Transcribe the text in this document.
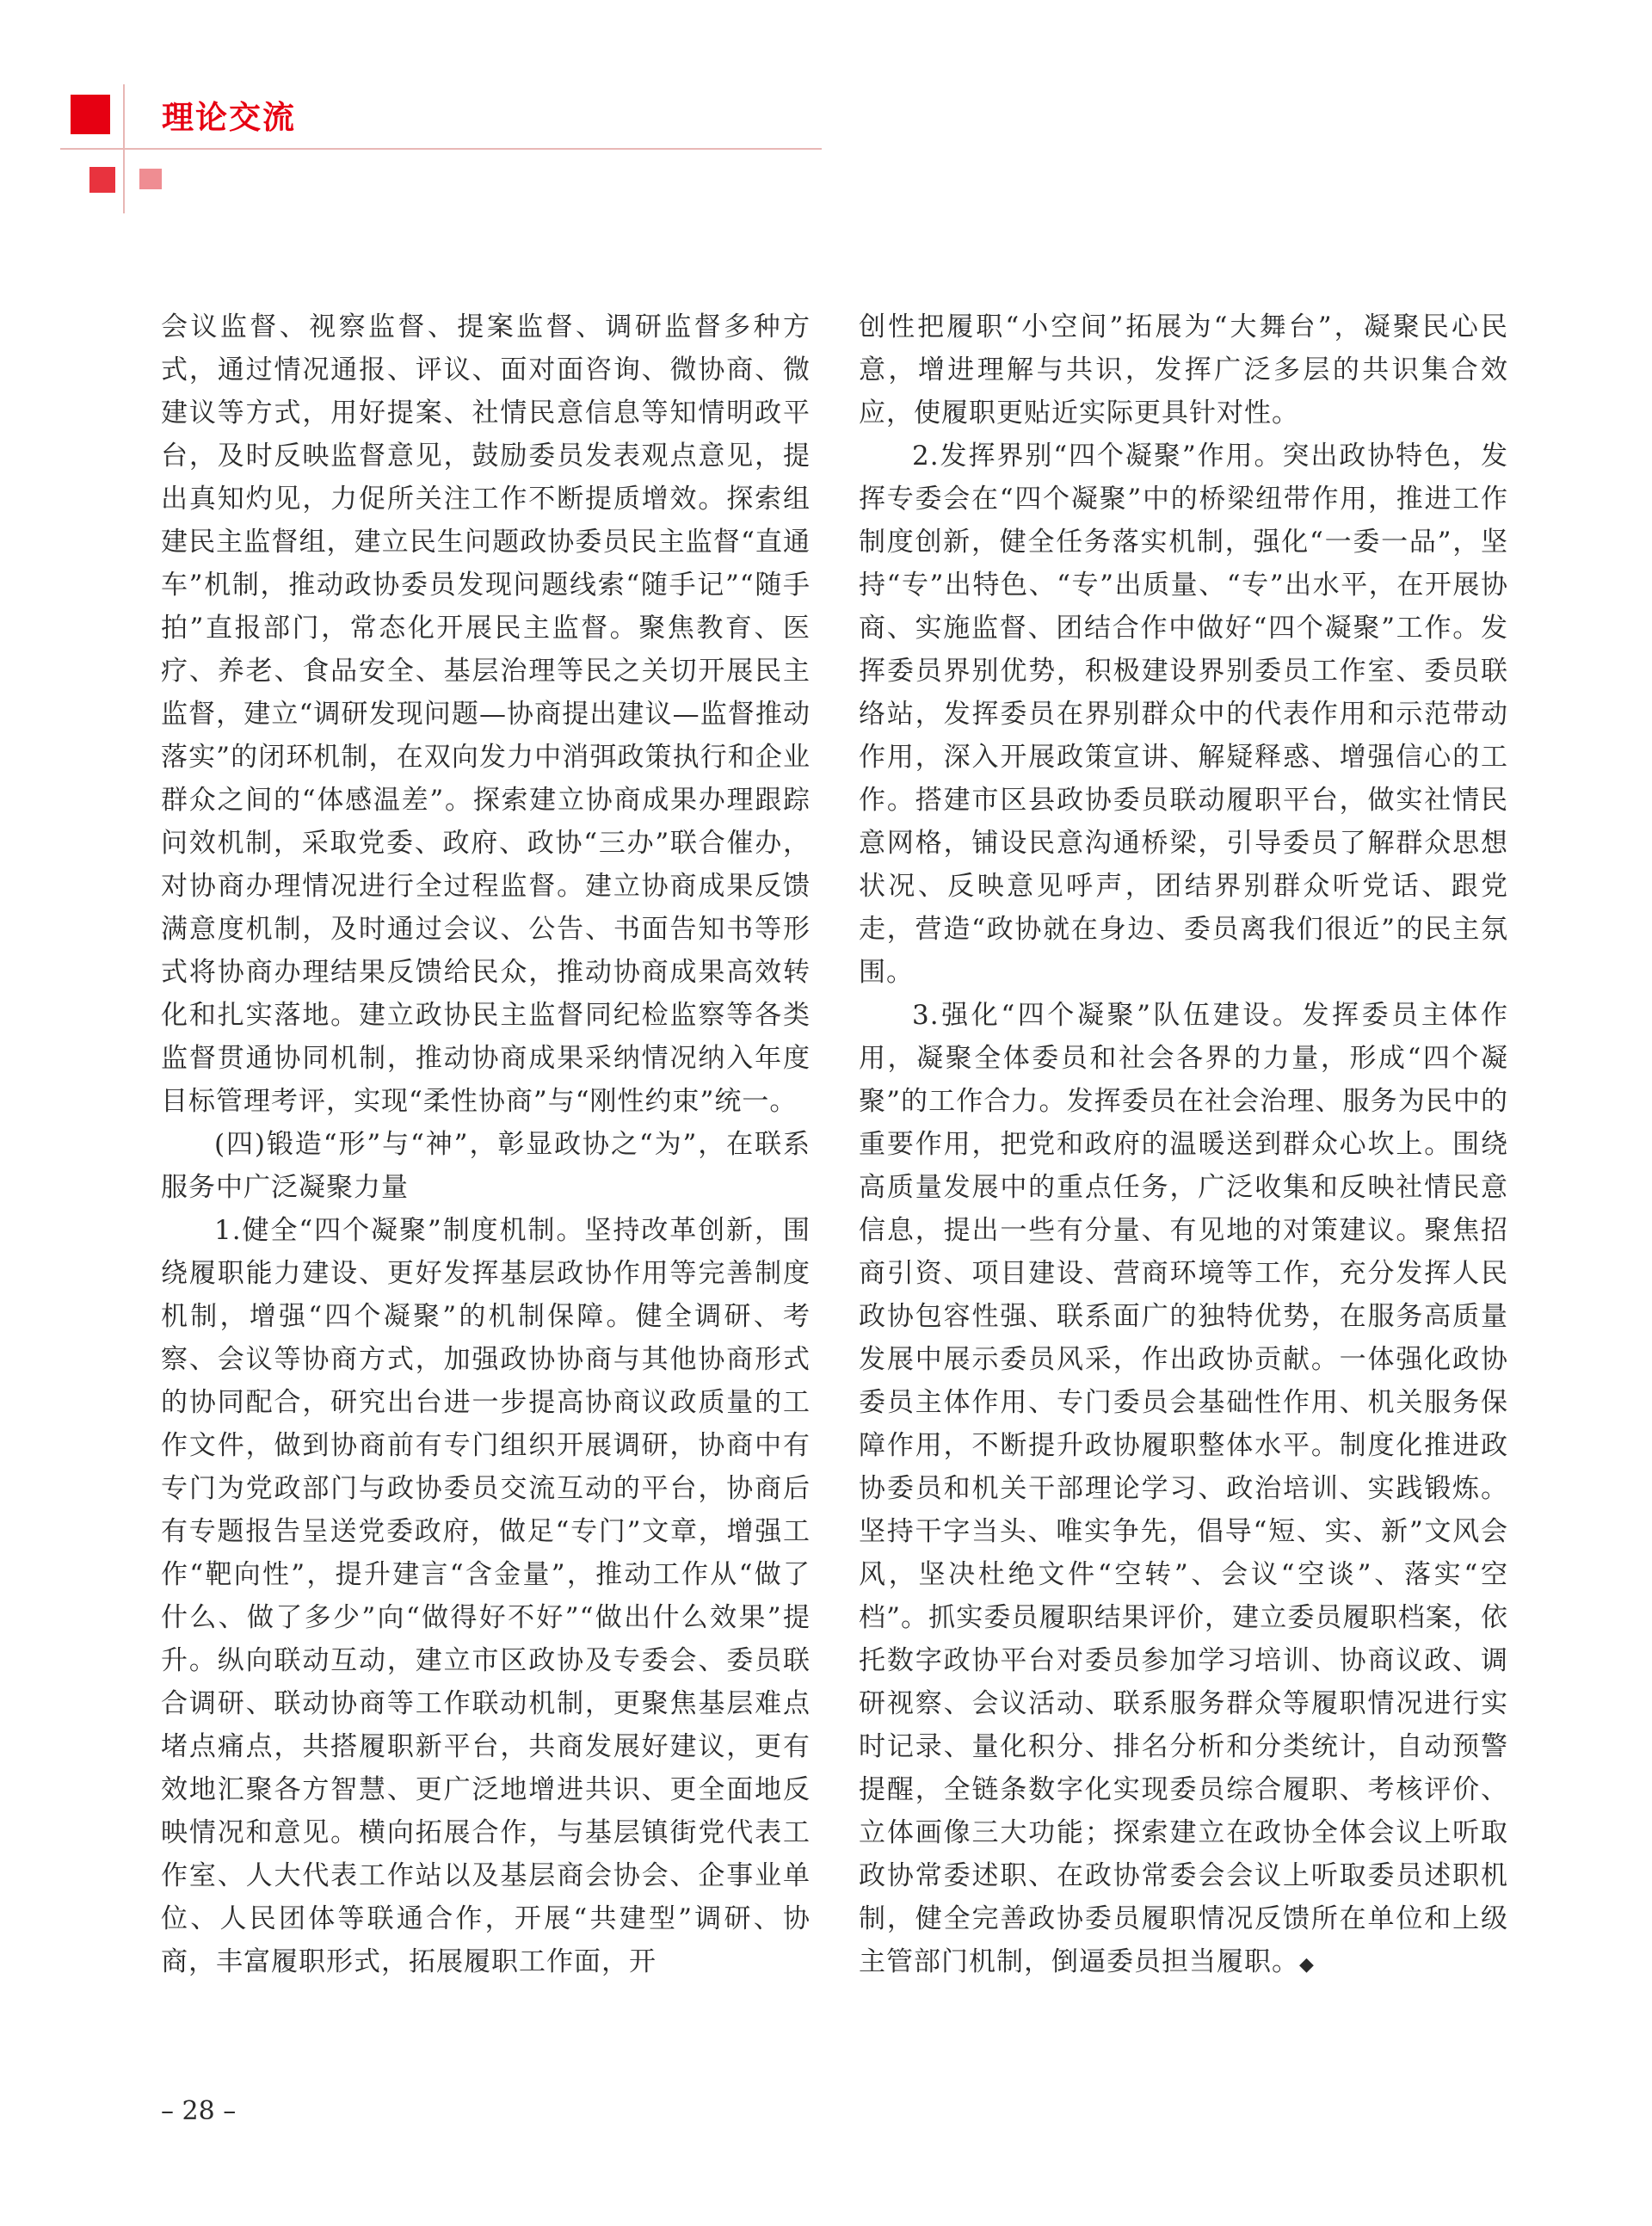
理论交流

会议监督、视察监督、提案监督、调研监督多种方式，通过情况通报、评议、面对面咨询、微协商、微建议等方式，用好提案、社情民意信息等知情明政平台，及时反映监督意见，鼓励委员发表观点意见，提出真知灼见，力促所关注工作不断提质增效。探索组建民主监督组，建立民生问题政协委员民主监督“直通车”机制，推动政协委员发现问题线索“随手记”“随手拍”直报部门，常态化开展民主监督。聚焦教育、医疗、养老、食品安全、基层治理等民之关切开展民主监督，建立“调研发现问题—协商提出建议—监督推动落实”的闭环机制，在双向发力中消弭政策执行和企业群众之间的“体感温差”。探索建立协商成果办理跟踪问效机制，采取党委、政府、政协“三办”联合催办，对协商办理情况进行全过程监督。建立协商成果反馈满意度机制，及时通过会议、公告、书面告知书等形式将协商办理结果反馈给民众，推动协商成果高效转化和扎实落地。建立政协民主监督同纪检监察等各类监督贯通协同机制，推动协商成果采纳情况纳入年度目标管理考评，实现“柔性协商”与“刚性约束”统一。

(四)锻造“形”与“神”，彰显政协之“为”，在联系服务中广泛凝聚力量

1.健全“四个凝聚”制度机制。坚持改革创新，围绕履职能力建设、更好发挥基层政协作用等完善制度机制，增强“四个凝聚”的机制保障。健全调研、考察、会议等协商方式，加强政协协商与其他协商形式的协同配合，研究出台进一步提高协商议政质量的工作文件，做到协商前有专门组织开展调研，协商中有专门为党政部门与政协委员交流互动的平台，协商后有专题报告呈送党委政府，做足“专门”文章，增强工作“靶向性”，提升建言“含金量”，推动工作从“做了什么、做了多少”向“做得好不好”“做出什么效果”提升。纵向联动互动，建立市区政协及专委会、委员联合调研、联动协商等工作联动机制，更聚焦基层难点堵点痛点，共搭履职新平台，共商发展好建议，更有效地汇聚各方智慧、更广泛地增进共识、更全面地反映情况和意见。横向拓展合作，与基层镇街党代表工作室、人大代表工作站以及基层商会协会、企事业单位、人民团体等联通合作，开展“共建型”调研、协商，丰富履职形式，拓展履职工作面，开

创性把履职“小空间”拓展为“大舞台”，凝聚民心民意，增进理解与共识，发挥广泛多层的共识集合效应，使履职更贴近实际更具针对性。

2.发挥界别“四个凝聚”作用。突出政协特色，发挥专委会在“四个凝聚”中的桥梁纽带作用，推进工作制度创新，健全任务落实机制，强化“一委一品”，坚持“专”出特色、“专”出质量、“专”出水平，在开展协商、实施监督、团结合作中做好“四个凝聚”工作。发挥委员界别优势，积极建设界别委员工作室、委员联络站，发挥委员在界别群众中的代表作用和示范带动作用，深入开展政策宣讲、解疑释惑、增强信心的工作。搭建市区县政协委员联动履职平台，做实社情民意网格，铺设民意沟通桥梁，引导委员了解群众思想状况、反映意见呼声，团结界别群众听党话、跟党走，营造“政协就在身边、委员离我们很近”的民主氛围。

3.强化“四个凝聚”队伍建设。发挥委员主体作用，凝聚全体委员和社会各界的力量，形成“四个凝聚”的工作合力。发挥委员在社会治理、服务为民中的重要作用，把党和政府的温暖送到群众心坎上。围绕高质量发展中的重点任务，广泛收集和反映社情民意信息，提出一些有分量、有见地的对策建议。聚焦招商引资、项目建设、营商环境等工作，充分发挥人民政协包容性强、联系面广的独特优势，在服务高质量发展中展示委员风采，作出政协贡献。一体强化政协委员主体作用、专门委员会基础性作用、机关服务保障作用，不断提升政协履职整体水平。制度化推进政协委员和机关干部理论学习、政治培训、实践锻炼。坚持干字当头、唯实争先，倡导“短、实、新”文风会风，坚决杜绝文件“空转”、会议“空谈”、落实“空档”。抓实委员履职结果评价，建立委员履职档案，依托数字政协平台对委员参加学习培训、协商议政、调研视察、会议活动、联系服务群众等履职情况进行实时记录、量化积分、排名分析和分类统计，自动预警提醒，全链条数字化实现委员综合履职、考核评价、立体画像三大功能；探索建立在政协全体会议上听取政协常委述职、在政协常委会会议上听取委员述职机制，健全完善政协委员履职情况反馈所在单位和上级主管部门机制，倒逼委员担当履职。◆

– 28 –
